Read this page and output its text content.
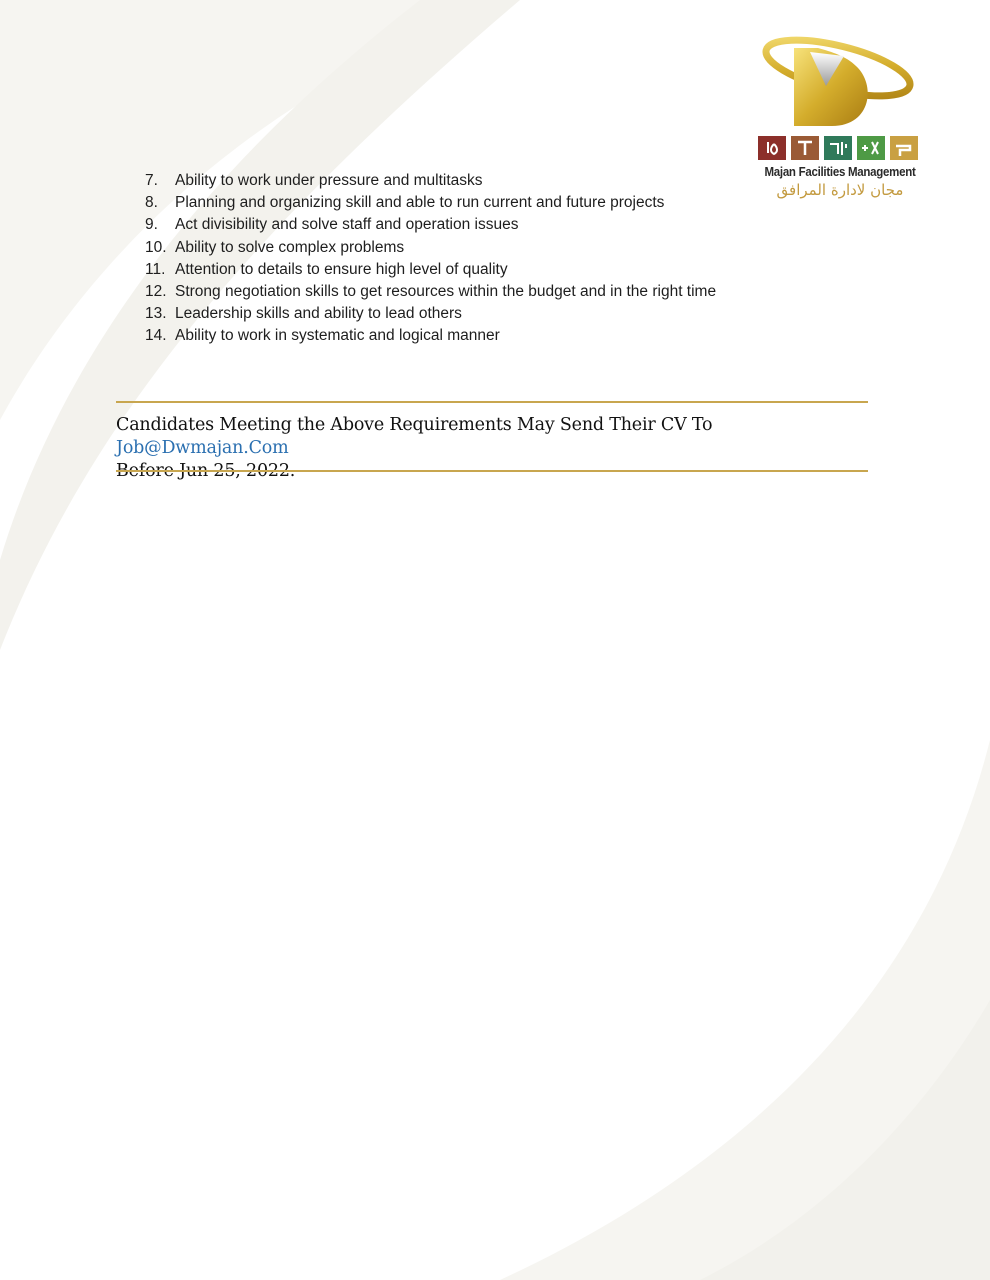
Majan Facilities Management
مجان لادارة المرافق
7. Ability to work under pressure and multitasks
8. Planning and organizing skill and able to run current and future projects
9. Act divisibility and solve staff and operation issues
10. Ability to solve complex problems
11. Attention to details to ensure high level of quality
12. Strong negotiation skills to get resources within the budget and in the right time
13. Leadership skills and ability to lead others
14. Ability to work in systematic and logical manner
Candidates Meeting the Above Requirements May Send Their CV To Job@Dwmajan.Com
Before Jun 25, 2022.
